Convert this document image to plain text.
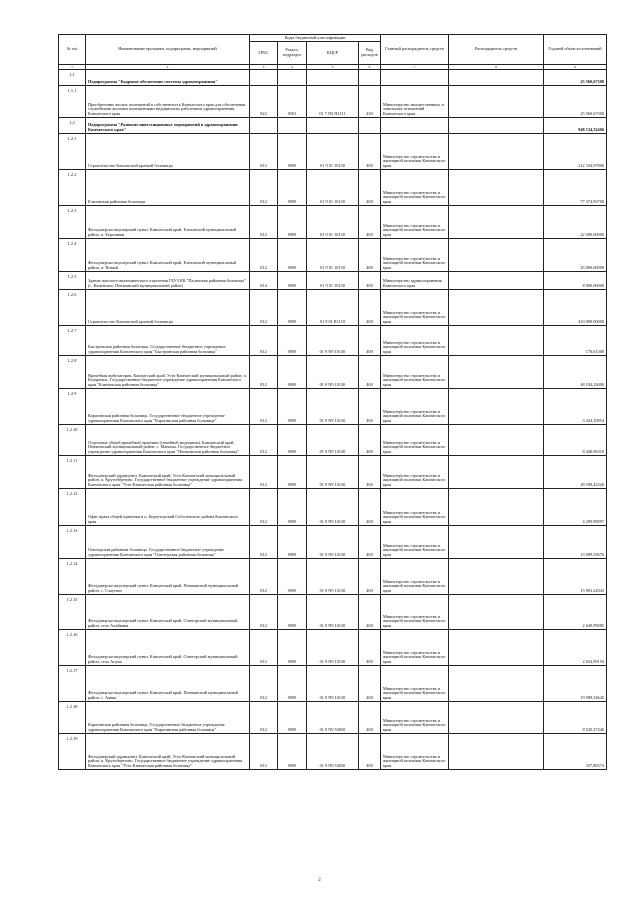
№ п/п	Наименование программ, подпрограмм, мероприятий	Коды бюджетной классификации				Главный распорядитель средств	Распорядитель средств	Годовой объем ассигнований
		ГРБС	Раздел, подраздел	КЦСР	Вид расходов			
1	2	3	4	5	6	7	8	9
1.1	Подпрограмма "Кадровое обеспечение системы здравоохранения"							25 560,67300
1.1.1	Приобретение жилых помещений в собственность Камчатского края для обеспечения служебными жилыми помещениями медицинских работников здравоохранения Камчатского края	822	0501	01 7 N5 П2111	430	Министерство имущественных и земельных отношений Камчатского края		25 560,67300
1.2	Подпрограмма "Развитие инвестиционных мероприятий в здравоохранении Камчатского края"							948 134,32406
1.2.1	Строительство Камчатской краевой больницы	812	0909	01 9 01 10130	400	Министерство строительства и жилищной политики Камчатского края		212 334,97806
1.2.2	Елизовская районная больница	812	0909	01 9 01 10130	400	Министерство строительства и жилищной политики Камчатского края		77 374,93700
1.2.3	Фельдшерско-акушерский пункт. Камчатский край, Елизовский муниципальный район, п. Березняки	812	0909	01 9 01 10130	400	Министерство строительства и жилищной политики Камчатского края		22 000,00000
1.2.4	Фельдшерско-акушерский пункт. Камчатский край, Елизовский муниципальный район, п. Новый	812	0909	01 9 01 10130	400	Министерство строительства и жилищной политики Камчатского края		45 000,00000
1.2.5	Здание патолого-анатомического отделения ГБУЗ КК "Паланская районная больница" (с. Каменское, Пенжинский муниципальный район)	814	0909	01 9 01 10130	400	Министерство здравоохранения Камчатского края		8 000,00000
1.2.6	Строительство Камчатской краевой больницы	812	0909	01 9 01 R1110	400	Министерство строительства и жилищной политики Камчатского края		410 000,00000
1.2.7	Быстринская районная больница. Государственное бюджетное учреждение здравоохранения Камчатского края "Быстринская районная больница"	812	0909	01 9 N9 10130	400	Министерство строительства и жилищной политики Камчатского края		176,61300
1.2.8	Врачебная амбулатория. Камчатский край, Усть-Камчатский муниципальный район, п. Козыревск. Государственное бюджетное учреждение здравоохранения Камчатского края "Ключевская районная больница"	812	0909	01 9 N9 10130	400	Министерство строительства и жилищной политики Камчатского края		48 184,23000
1.2.9	Карагинская районная больница. Государственное бюджетное учреждение здравоохранения Камчатского края "Карагинская районная больница"	812	0909	01 9 N9 10130	400	Министерство строительства и жилищной политики Камчатского края		3 434,10854
1.2.10	Отделение общей врачебной практики (семейной медицины). Камчатский край, Пенжинский муниципальный район, с. Манилы. Государственное бюджетное учреждение здравоохранения Камчатского края "Пенжинская районная больница"	812	0909	01 9 N9 10130	400	Министерство строительства и жилищной политики Камчатского края		8 440,96318
1.2.11	Фельдшерский здравпункт. Камчатский край, Усть-Камчатский муниципальный район, п. Крутоберегово. Государственное бюджетное учреждение здравоохранения Камчатского края "Усть-Камчатская районная больница"	812	0909	01 9 N9 10130	400	Министерство строительства и жилищной политики Камчатского края		28 599,42326
1.2.12	Офис врача общей практики в п. Кортуторский Соболевского района Камчатского края	812	0909	01 9 N9 10130	400	Министерство строительства и жилищной политики Камчатского края		4 299,99997
1.2.13	Олюторская районная больница. Государственное бюджетное учреждение здравоохранения Камчатского края "Олюторская районная больница"	812	0909	01 9 N9 10130	400	Министерство строительства и жилищной политики Камчатского края		13 089,55676
1.2.14	Фельдшерско-акушерский пункт. Камчатский край, Пенжинский муниципальный район, с. Слаутное	812	0909	01 9 N9 10130	400	Министерство строительства и жилищной политики Камчатского края		15 903,22043
1.2.15	Фельдшерско-акушерский пункт. Камчатский край, Олюторский муниципальный район, село Ачайваям	812	0909	01 9 N9 10130	400	Министерство строительства и жилищной политики Камчатского края		2 649,99985
1.2.16	Фельдшерско-акушерский пункт. Камчатский край, Олюторский муниципальный район, село Апука	812	0909	01 9 N9 10130	400	Министерство строительства и жилищной политики Камчатского края		2 654,99154
1.2.17	Фельдшерско-акушерский пункт. Камчатский край, Пенжинский муниципальный район, с. Аянка	812	0909	01 9 N9 10130	400	Министерство строительства и жилищной политики Камчатского края		19 589,34645
1.2.18	Карагинская районная больница. Государственное бюджетное учреждение здравоохранения Камчатского края "Карагинская районная больница"	812	0909	01 9 N9 53650	400	Министерство строительства и жилищной политики Камчатского края		8 520,37346
1.2.19	Фельдшерский здравпункт. Камчатский край, Усть-Камчатский муниципальный район, п. Крутоберегово. Государственное бюджетное учреждение здравоохранения Камчатского края "Усть-Камчатская районная больница"	812	0909	01 9 N9 53650	400	Министерство строительства и жилищной политики Камчатского края		337,80374
2
